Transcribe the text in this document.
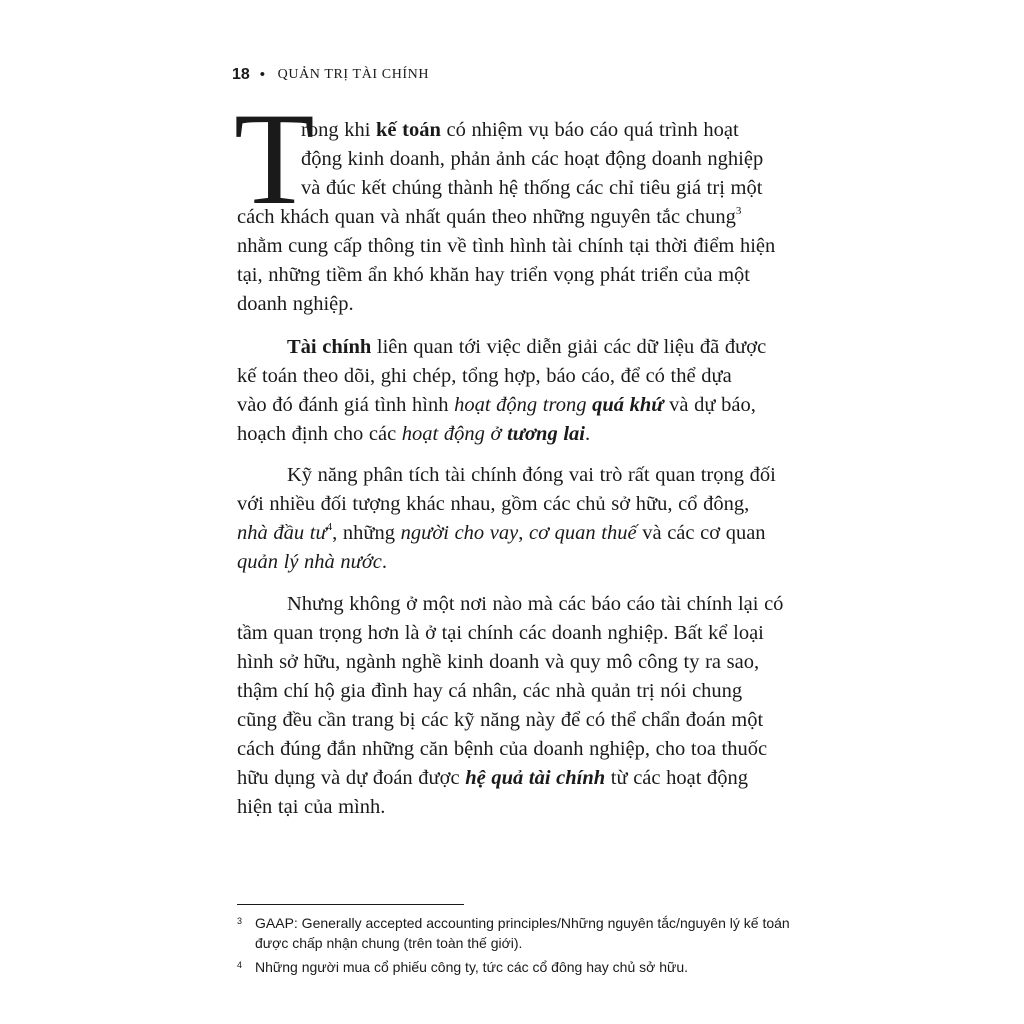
18 • QUẢN TRỊ TÀI CHÍNH
T
rong khi kế toán có nhiệm vụ báo cáo quá trình hoạt
động kinh doanh, phản ảnh các hoạt động doanh nghiệp
và đúc kết chúng thành hệ thống các chỉ tiêu giá trị một
cách khách quan và nhất quán theo những nguyên tắc chung$^3$
nhằm cung cấp thông tin về tình hình tài chính tại thời điểm hiện
tại, những tiềm ẩn khó khăn hay triển vọng phát triển của một
doanh nghiệp.
Tài chính liên quan tới việc diễn giải các dữ liệu đã được
kế toán theo dõi, ghi chép, tổng hợp, báo cáo, để có thể dựa
vào đó đánh giá tình hình hoạt động trong quá khứ và dự báo,
hoạch định cho các hoạt động ở tương lai.
Kỹ năng phân tích tài chính đóng vai trò rất quan trọng đối
với nhiều đối tượng khác nhau, gồm các chủ sở hữu, cổ đông,
nhà đầu tư$^4$, những người cho vay, cơ quan thuế và các cơ quan
quản lý nhà nước.
Nhưng không ở một nơi nào mà các báo cáo tài chính lại có
tầm quan trọng hơn là ở tại chính các doanh nghiệp. Bất kể loại
hình sở hữu, ngành nghề kinh doanh và quy mô công ty ra sao,
thậm chí hộ gia đình hay cá nhân, các nhà quản trị nói chung
cũng đều cần trang bị các kỹ năng này để có thể chẩn đoán một
cách đúng đắn những căn bệnh của doanh nghiệp, cho toa thuốc
hữu dụng và dự đoán được hệ quả tài chính từ các hoạt động
hiện tại của mình.
3 GAAP: Generally accepted accounting principles/Những nguyên tắc/nguyên lý kế toán
được chấp nhận chung (trên toàn thế giới).
4 Những người mua cổ phiếu công ty, tức các cổ đông hay chủ sở hữu.
